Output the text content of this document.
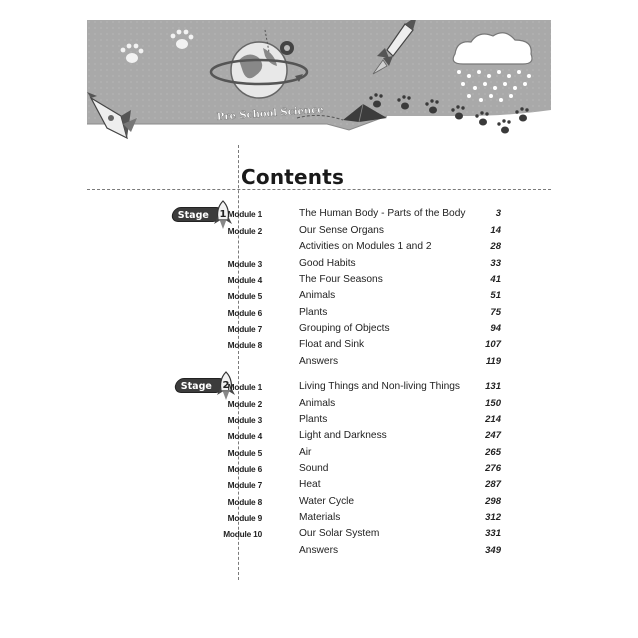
Pre School Science
Contents
Stage	1
Stage	2
Module 1	The Human Body - Parts of the Body	3
Module 2	Our Sense Organs	14
Activities on Modules 1 and 2	28
Module 3	Good Habits	33
Module 4	The Four Seasons	41
Module 5	Animals	51
Module 6	Plants	75
Module 7	Grouping of Objects	94
Module 8	Float and Sink	107
Answers	119
Module 1	Living Things and Non-living Things	131
Module 2	Animals	150
Module 3	Plants	214
Module 4	Light and Darkness	247
Module 5	Air	265
Module 6	Sound	276
Module 7	Heat	287
Module 8	Water Cycle	298
Module 9	Materials	312
Module 10	Our Solar System	331
Answers	349
